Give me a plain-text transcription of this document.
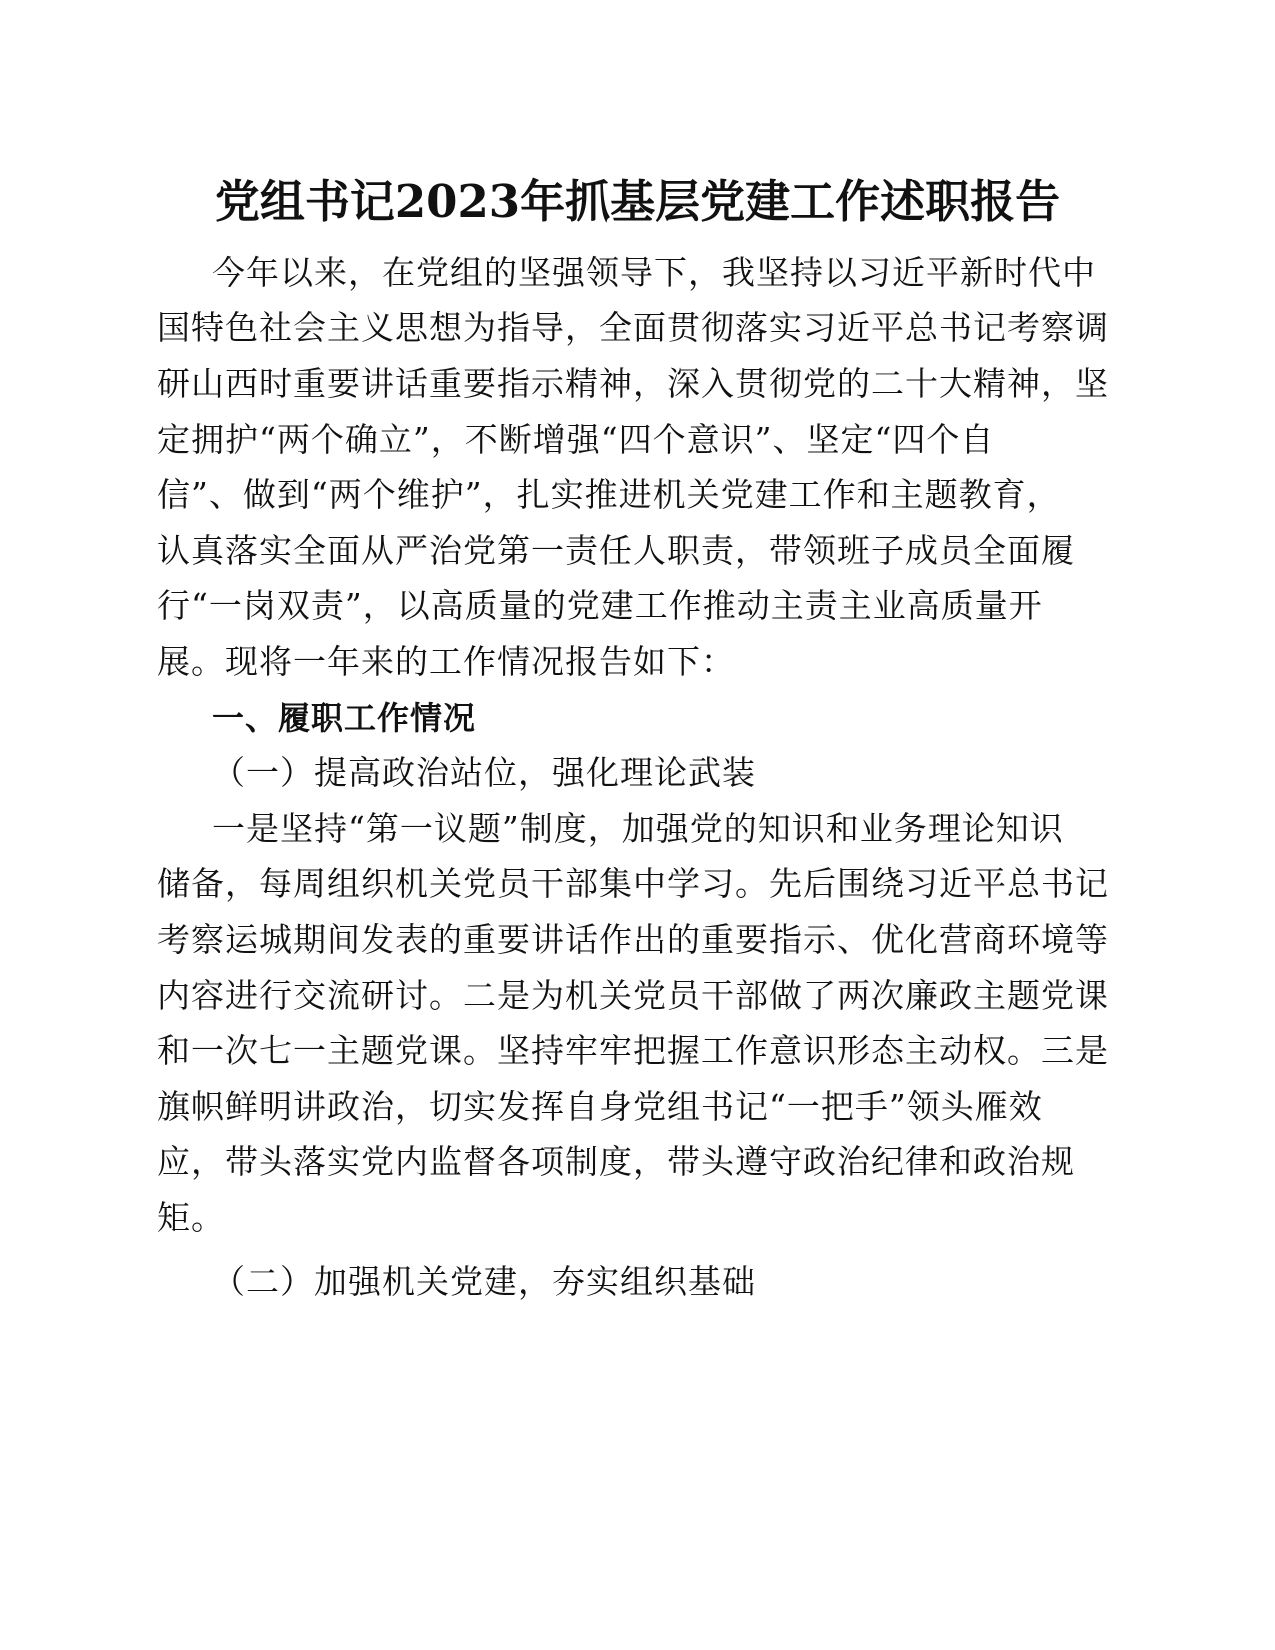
党组书记2023年抓基层党建工作述职报告
今年以来，在党组的坚强领导下，我坚持以习近平新时代中
国特色社会主义思想为指导，全面贯彻落实习近平总书记考察调
研山西时重要讲话重要指示精神，深入贯彻党的二十大精神，坚
定拥护“两个确立”，不断增强“四个意识”、坚定“四个自
信”、做到“两个维护”，扎实推进机关党建工作和主题教育，
认真落实全面从严治党第一责任人职责，带领班子成员全面履
行“一岗双责”，以高质量的党建工作推动主责主业高质量开
展。现将一年来的工作情况报告如下：
一、履职工作情况
（一）提高政治站位，强化理论武装
一是坚持“第一议题”制度，加强党的知识和业务理论知识
储备，每周组织机关党员干部集中学习。先后围绕习近平总书记
考察运城期间发表的重要讲话作出的重要指示、优化营商环境等
内容进行交流研讨。二是为机关党员干部做了两次廉政主题党课
和一次七一主题党课。坚持牢牢把握工作意识形态主动权。三是
旗帜鲜明讲政治，切实发挥自身党组书记“一把手”领头雁效
应，带头落实党内监督各项制度，带头遵守政治纪律和政治规
矩。
（二）加强机关党建，夯实组织基础
